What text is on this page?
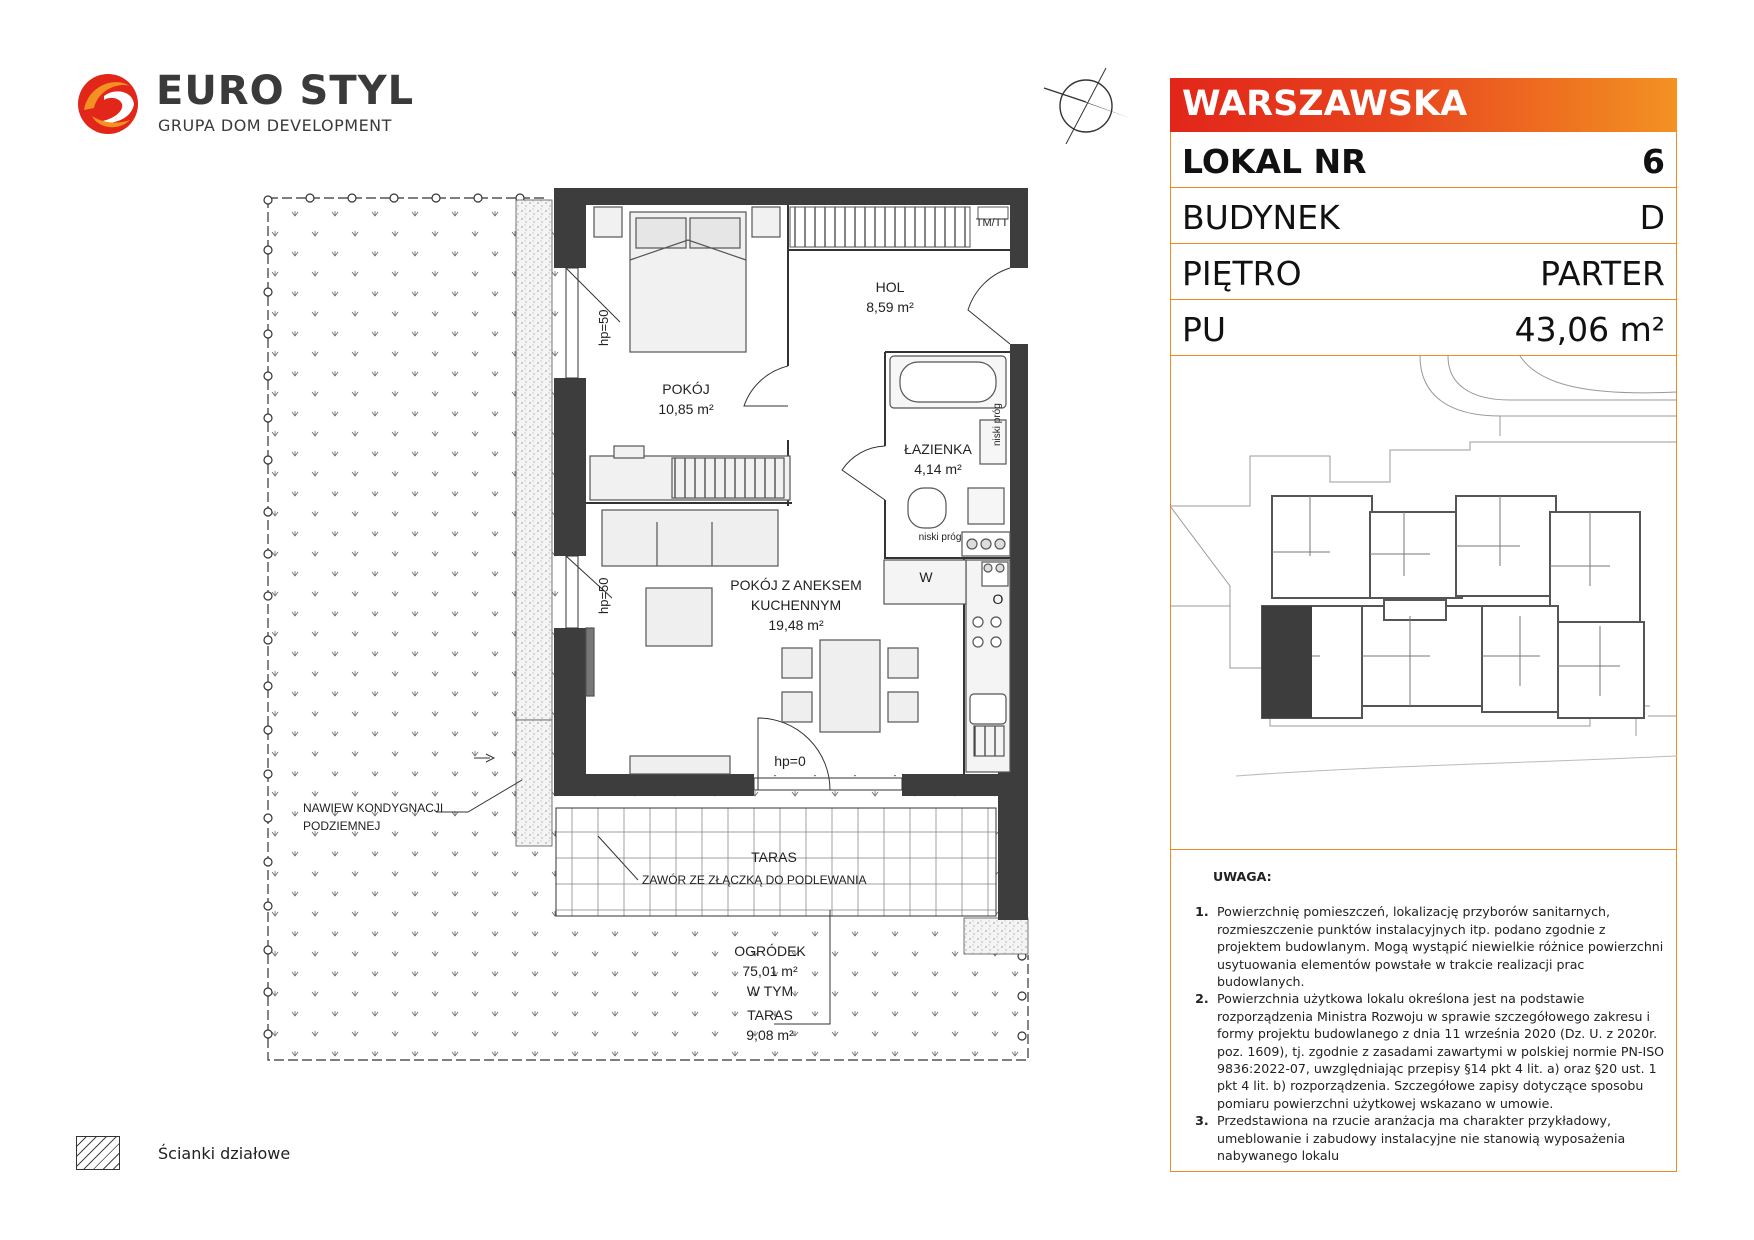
EURO STYL
GRUPA DOM DEVELOPMENT
HOL
8,59 m²
POKÓJ
10,85 m²
ŁAZIENKA
4,14 m²
POKÓJ Z ANEKSEM
KUCHENNYM
19,48 m²
TARAS
OGRÓDEK
75,01 m²
W TYM
TARAS
9,08 m²
TM/TT
hp=50
hp=50
hp=0
niski próg
niski próg
W
O
NAWIEW KONDYGNACJI
PODZIEMNEJ
ZAWÓR ZE ZŁĄCZKĄ DO PODLEWANIA
WARSZAWSKA
LOKAL NR	6
BUDYNEK	D
PIĘTRO	PARTER
PU	43,06 m²
UWAGA:
1. Powierzchnię pomieszczeń, lokalizację przyborów sanitarnych, rozmieszczenie punktów instalacyjnych itp. podano zgodnie z projektem budowlanym. Mogą wystąpić niewielkie różnice powierzchni usytuowania elementów powstałe w trakcie realizacji prac budowlanych.
2. Powierzchnia użytkowa lokalu określona jest na podstawie rozporządzenia Ministra Rozwoju w sprawie szczegółowego zakresu i formy projektu budowlanego z dnia 11 września 2020 (Dz. U. z 2020r. poz. 1609), tj. zgodnie z zasadami zawartymi w polskiej normie PN-ISO 9836:2022-07, uwzględniając przepisy §14 pkt 4 lit. a) oraz §20 ust. 1 pkt 4 lit. b) rozporządzenia. Szczegółowe zapisy dotyczące sposobu pomiaru powierzchni użytkowej wskazano w umowie.
3. Przedstawiona na rzucie aranżacja ma charakter przykładowy, umeblowanie i zabudowy instalacyjne nie stanowią wyposażenia nabywanego lokalu
Ścianki działowe
